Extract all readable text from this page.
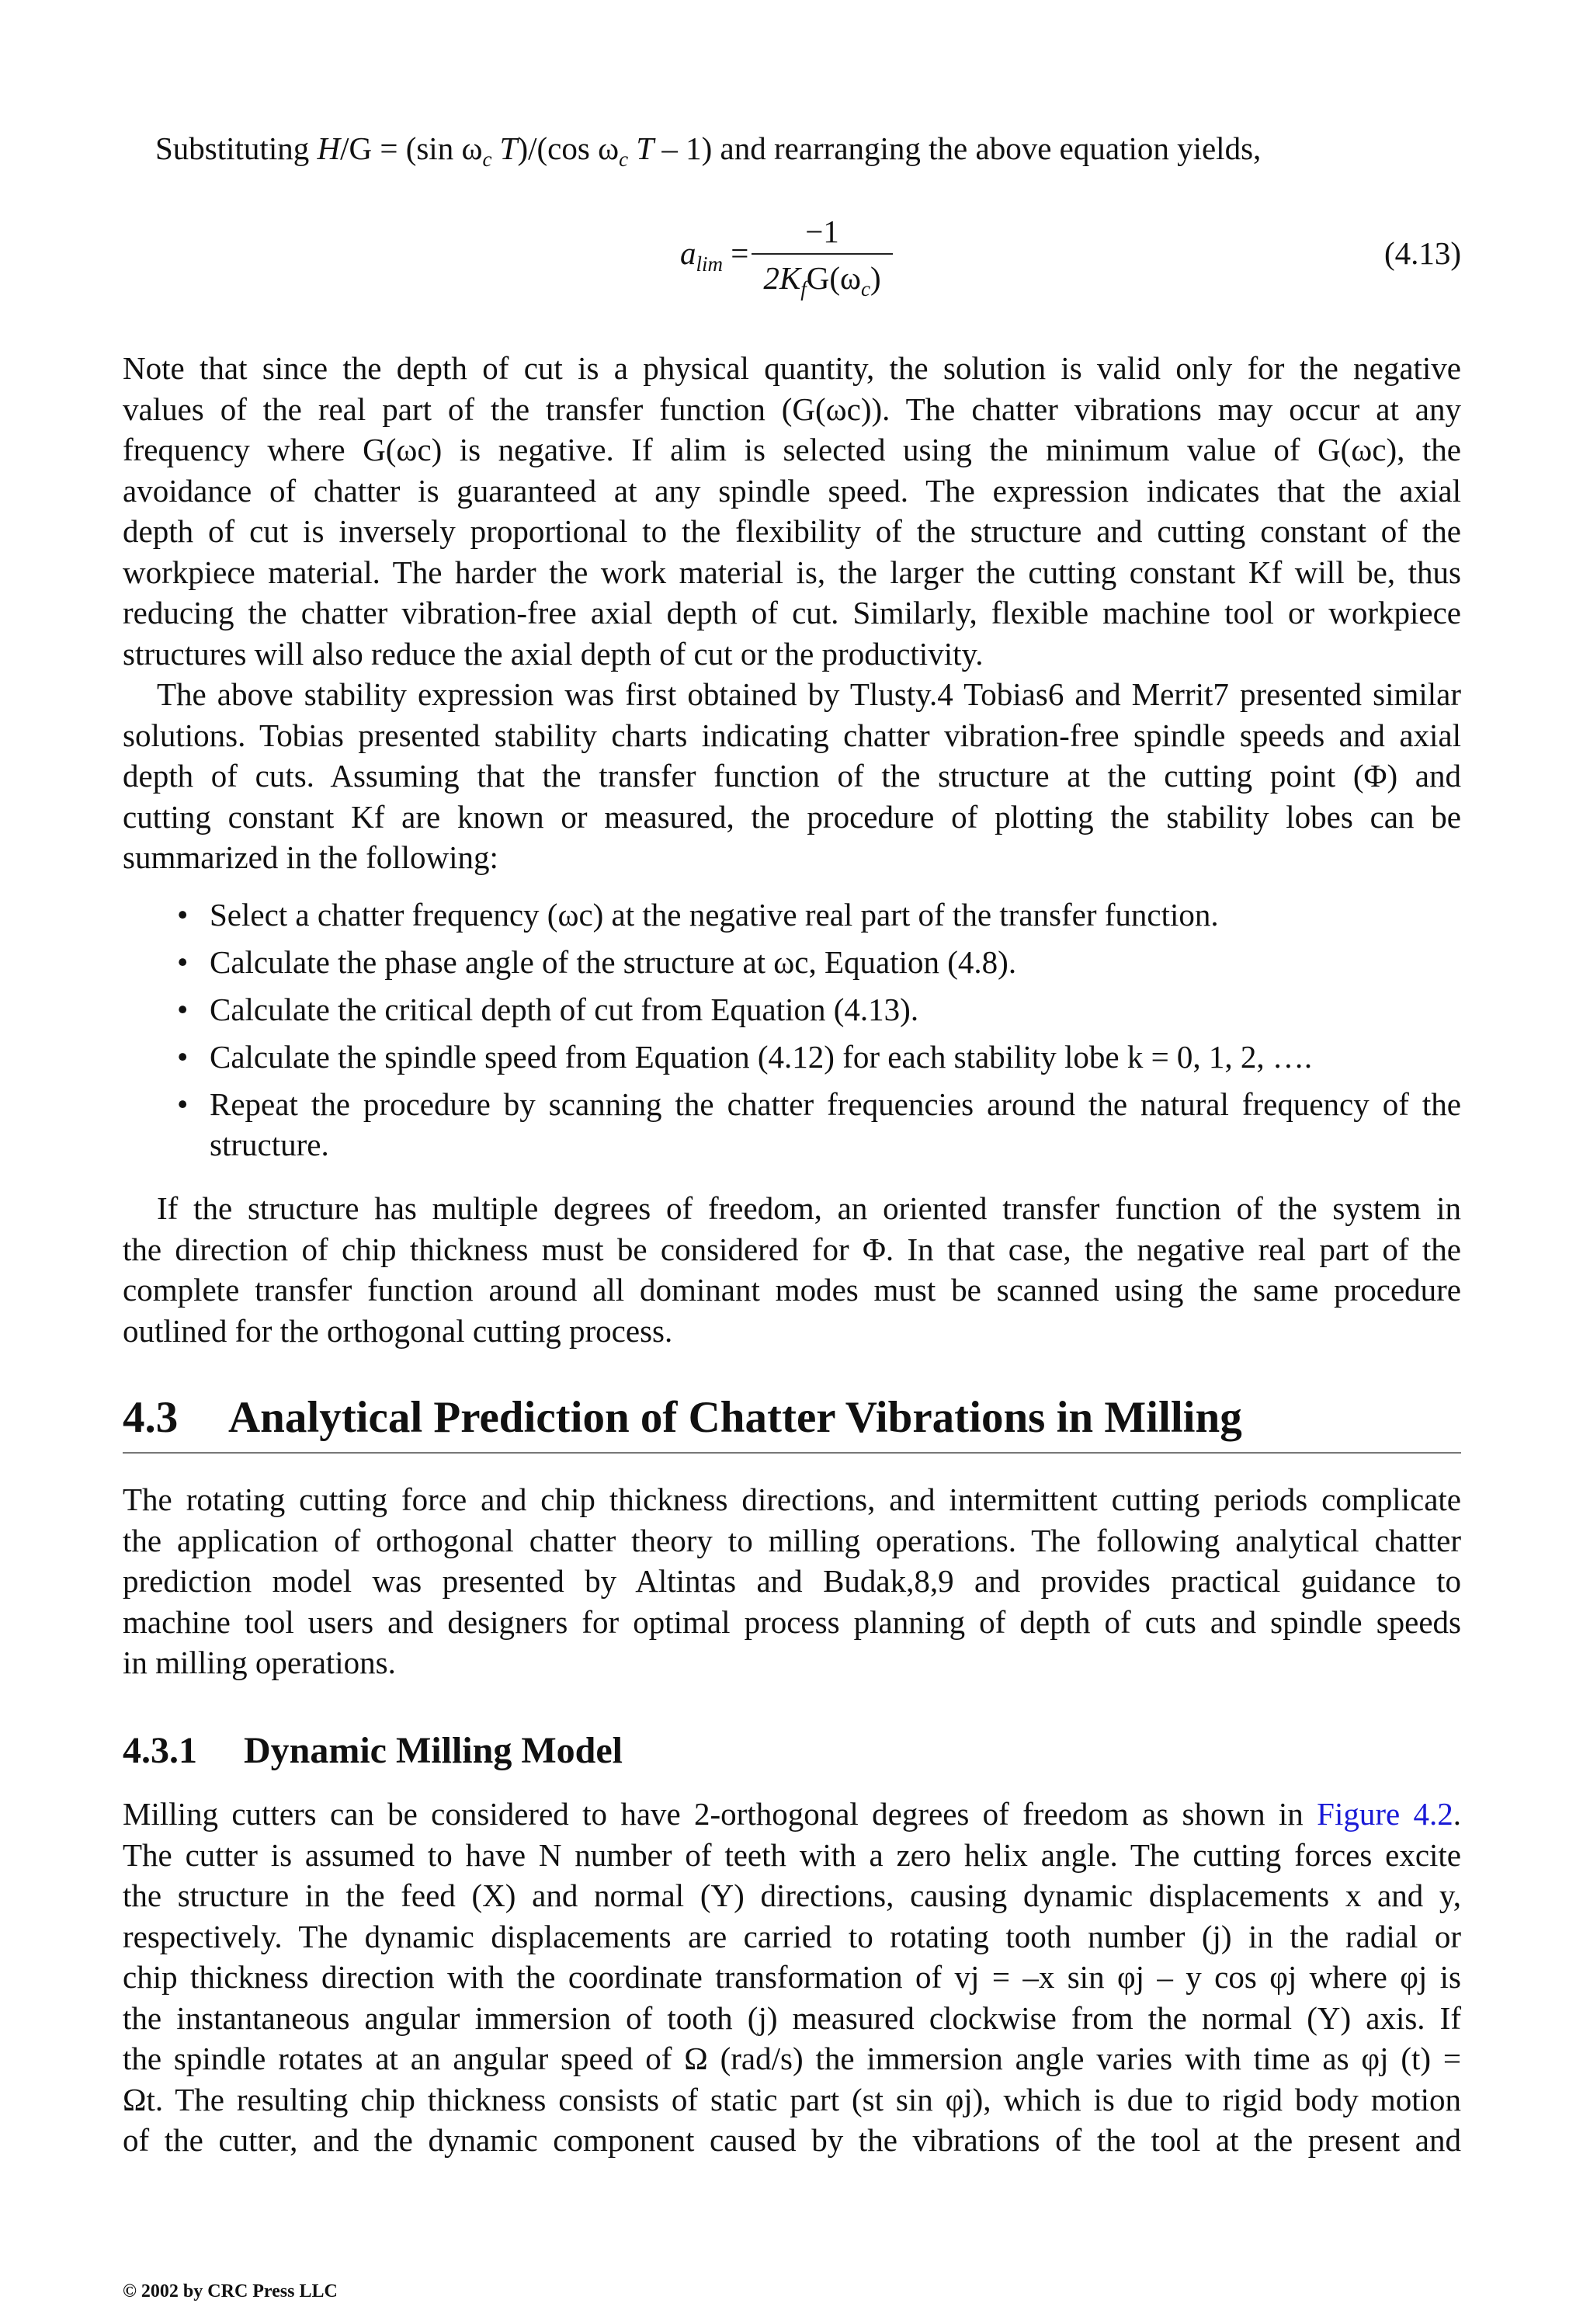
Substituting H/G = (sin $\omega_c$ T)/(cos $\omega_c$ T – 1) and rearranging the above equation yields,
$a_{lim}$ =
−1
$2K_fG(\omega_c)$
(4.13)

Note that since the depth of cut is a physical quantity, the solution is valid only for the negative
values of the real part of the transfer function (G(ωc)). The chatter vibrations may occur at any
frequency where G(ωc) is negative. If alim is selected using the minimum value of G(ωc), the
avoidance of chatter is guaranteed at any spindle speed. The expression indicates that the axial
depth of cut is inversely proportional to the flexibility of the structure and cutting constant of the
workpiece material. The harder the work material is, the larger the cutting constant Kf will be, thus
reducing the chatter vibration-free axial depth of cut. Similarly, flexible machine tool or workpiece
structures will also reduce the axial depth of cut or the productivity.

The above stability expression was first obtained by Tlusty.4 Tobias6 and Merrit7 presented similar
solutions. Tobias presented stability charts indicating chatter vibration-free spindle speeds and axial
depth of cuts. Assuming that the transfer function of the structure at the cutting point (Φ) and
cutting constant Kf are known or measured, the procedure of plotting the stability lobes can be
summarized in the following:

• Select a chatter frequency (ωc) at the negative real part of the transfer function.
• Calculate the phase angle of the structure at ωc, Equation (4.8).
• Calculate the critical depth of cut from Equation (4.13).
• Calculate the spindle speed from Equation (4.12) for each stability lobe k = 0, 1, 2, ….
• Repeat the procedure by scanning the chatter frequencies around the natural frequency of the structure.

If the structure has multiple degrees of freedom, an oriented transfer function of the system in
the direction of chip thickness must be considered for Φ. In that case, the negative real part of the
complete transfer function around all dominant modes must be scanned using the same procedure
outlined for the orthogonal cutting process.

4.3 Analytical Prediction of Chatter Vibrations in Milling

The rotating cutting force and chip thickness directions, and intermittent cutting periods complicate
the application of orthogonal chatter theory to milling operations. The following analytical chatter
prediction model was presented by Altintas and Budak,8,9 and provides practical guidance to
machine tool users and designers for optimal process planning of depth of cuts and spindle speeds
in milling operations.

4.3.1 Dynamic Milling Model

Milling cutters can be considered to have 2-orthogonal degrees of freedom as shown in Figure 4.2.
The cutter is assumed to have N number of teeth with a zero helix angle. The cutting forces excite
the structure in the feed (X) and normal (Y) directions, causing dynamic displacements x and y,
respectively. The dynamic displacements are carried to rotating tooth number (j) in the radial or
chip thickness direction with the coordinate transformation of vj = –x sin φj – y cos φj where φj is
the instantaneous angular immersion of tooth (j) measured clockwise from the normal (Y) axis. If
the spindle rotates at an angular speed of Ω (rad/s) the immersion angle varies with time as φj (t) =
Ωt. The resulting chip thickness consists of static part (st sin φj), which is due to rigid body motion
of the cutter, and the dynamic component caused by the vibrations of the tool at the present and

© 2002 by CRC Press LLC
